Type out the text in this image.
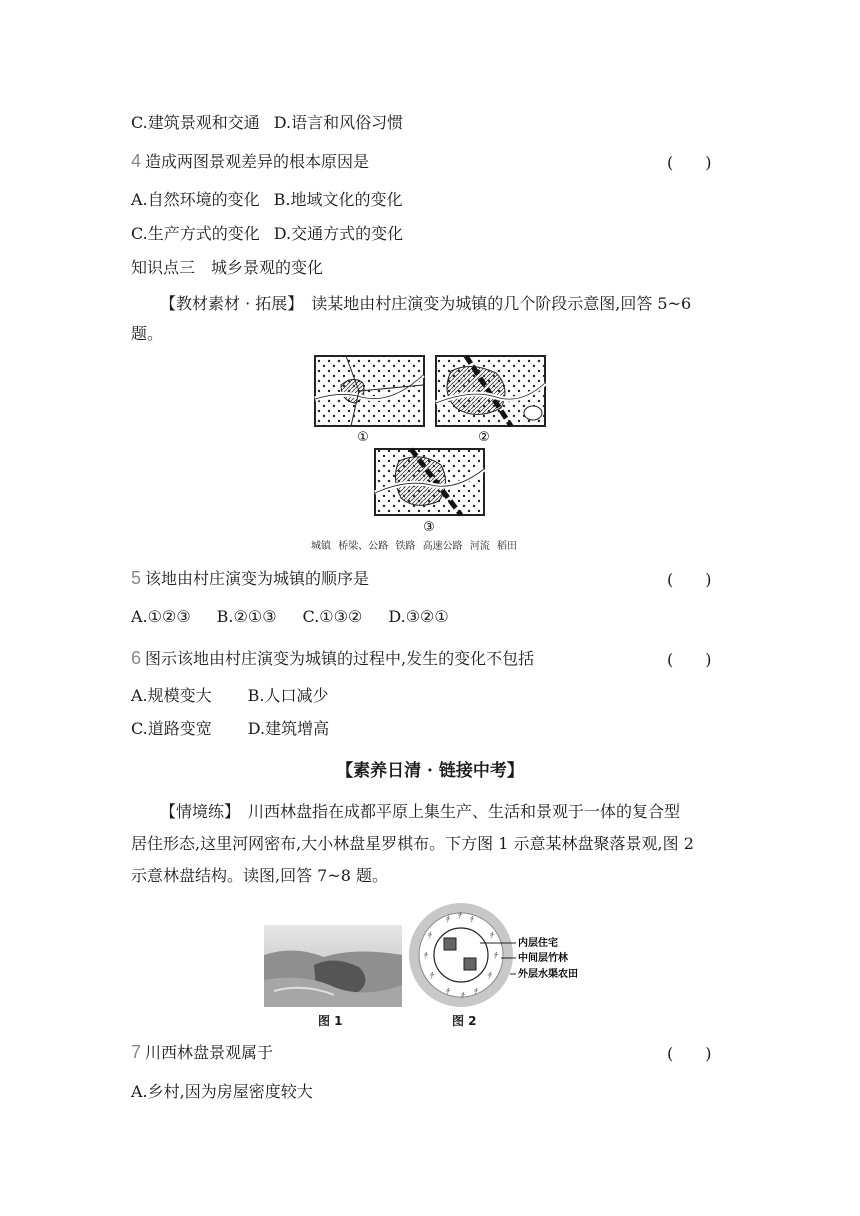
C.建筑景观和交通 D.语言和风俗习惯
4 造成两图景观差异的根本原因是	(　　)
A.自然环境的变化 B.地域文化的变化
C.生产方式的变化 D.交通方式的变化
知识点三　城乡景观的变化
【教材素材 · 拓展】　读某地由村庄演变为城镇的几个阶段示意图,回答 5~6
题。
①	②
③
城镇 桥梁、公路 铁路 高速公路 河流 稻田
5 该地由村庄演变为城镇的顺序是	(　　)
A.①②③ B.②①③ C.①③② D.③②①
6 图示该地由村庄演变为城镇的过程中,发生的变化不包括	(　　)
A.规模变大 B.人口减少
C.道路变宽 D.建筑增高
【素养日清 · 链接中考】
【情境练】　川西林盘指在成都平原上集生产、生活和景观于一体的复合型
居住形态,这里河网密布,大小林盘星罗棋布。下方图 1 示意某林盘聚落景观,图 2
示意林盘结构。读图,回答 7~8 题。
图 1
ﾁ ﾁ ﾁ
ﾁ	ﾁ
ﾁ	ﾁ
ﾁ	ﾁ
ﾁ ﾁ ﾁ
内层住宅
中间层竹林
外层水渠农田
图 2
7 川西林盘景观属于	(　　)
A.乡村,因为房屋密度较大
